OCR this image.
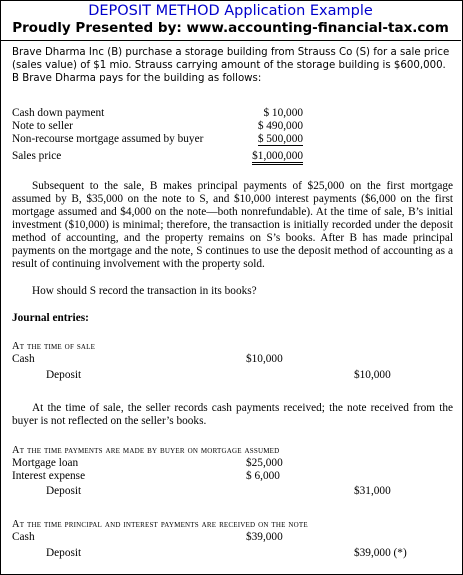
DEPOSIT METHOD Application Example
Proudly Presented by: www.accounting-financial-tax.com
Brave Dharma Inc (B) purchase a storage building from Strauss Co (S) for a sale price (sales value) of $1 mio. Strauss carrying amount of the storage building is $600,000. B Brave Dharma pays for the building as follows:
Cash down payment	$ 10,000
Note to seller	$ 490,000
Non-recourse mortgage assumed by buyer	$ 500,000
Sales price	$1,000,000
Subsequent to the sale, B makes principal payments of $25,000 on the first mortgage assumed by B, $35,000 on the note to S, and $10,000 interest payments ($6,000 on the first mortgage assumed and $4,000 on the note—both nonrefundable). At the time of sale, B’s initial investment ($10,000) is minimal; therefore, the transaction is initially recorded under the deposit method of accounting, and the property remains on S’s books. After B has made principal payments on the mortgage and the note, S continues to use the deposit method of accounting as a result of continuing involvement with the property sold.
How should S record the transaction in its books?
Journal entries:
At the time of sale
Cash	$10,000
Deposit	$10,000
At the time of sale, the seller records cash payments received; the note received from the buyer is not reflected on the seller’s books.
At the time payments are made by buyer on mortgage assumed
Mortgage loan	$25,000
Interest expense	$ 6,000
Deposit	$31,000
At the time principal and interest payments are received on the note
Cash	$39,000
Deposit	$39,000 (*)
